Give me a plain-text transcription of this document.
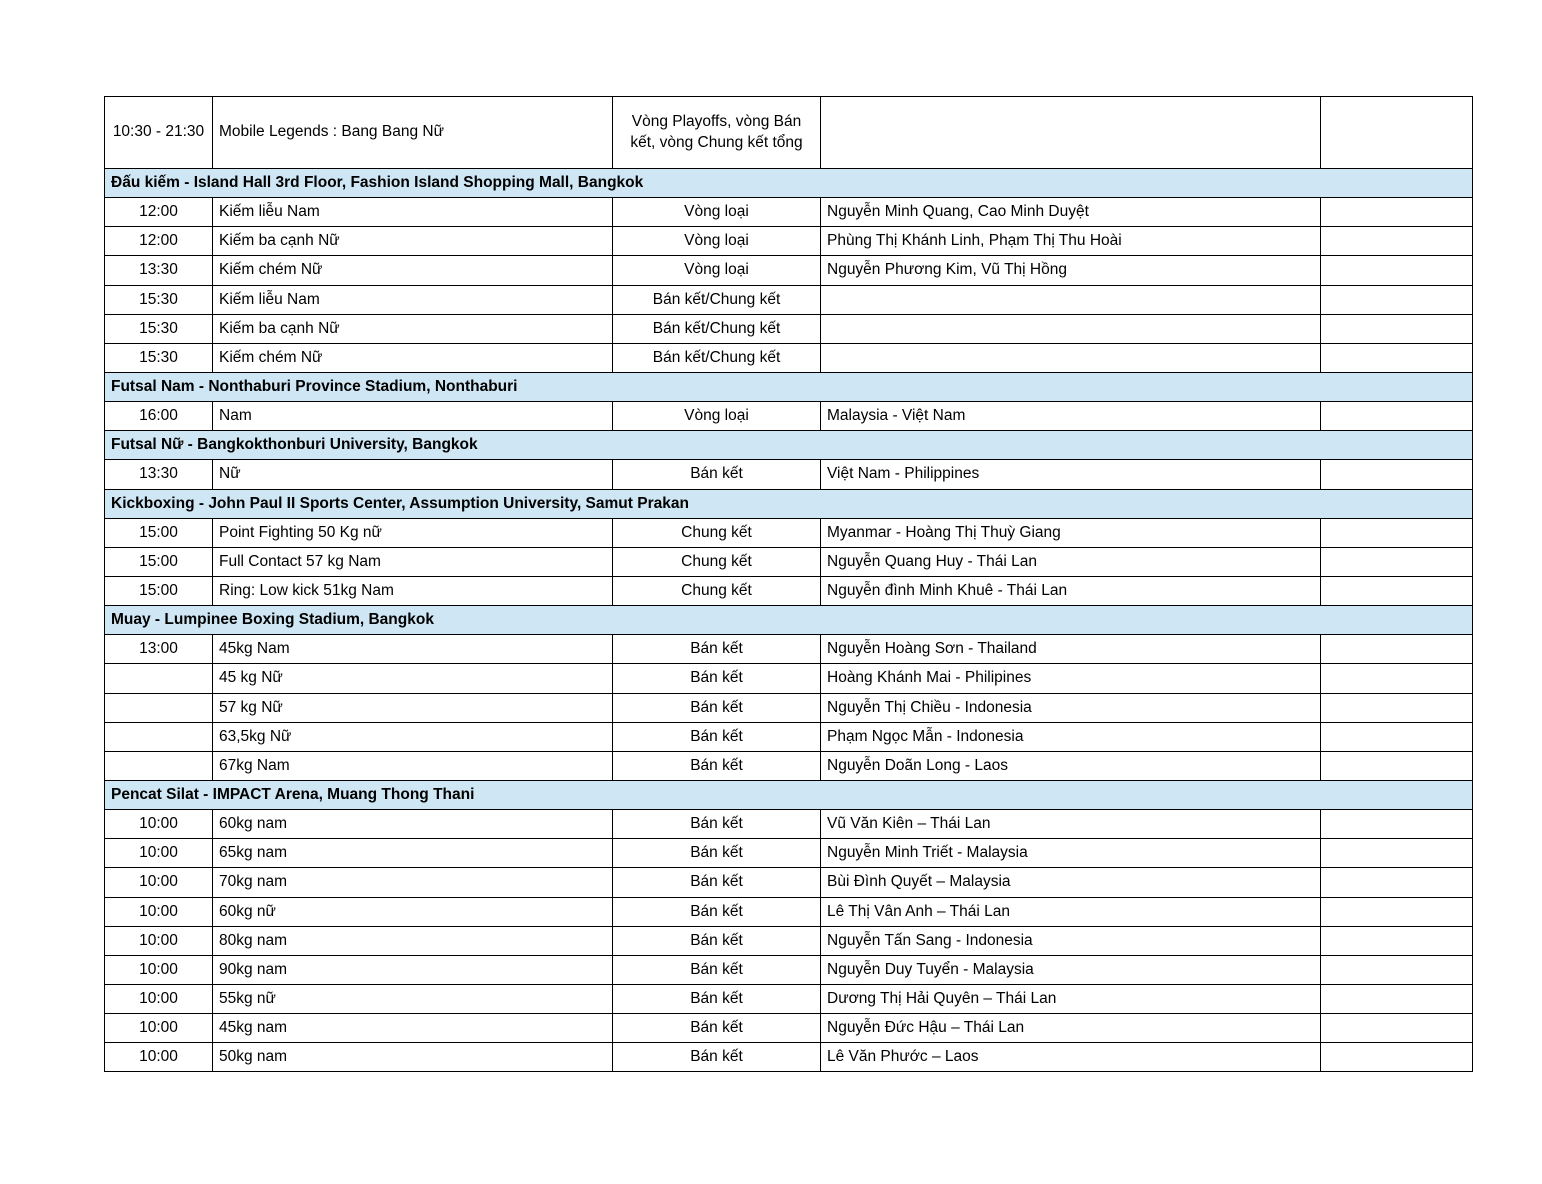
10:30 - 21:30	Mobile Legends : Bang Bang Nữ	Vòng Playoffs, vòng Bán kết, vòng Chung kết tổng		
Đấu kiếm - Island Hall 3rd Floor, Fashion Island Shopping Mall, Bangkok				
12:00	Kiếm liễu Nam	Vòng loại	Nguyễn Minh Quang, Cao Minh Duyệt	
12:00	Kiếm ba cạnh Nữ	Vòng loại	Phùng Thị Khánh Linh, Phạm Thị Thu Hoài	
13:30	Kiếm chém Nữ	Vòng loại	Nguyễn Phương Kim, Vũ Thị Hồng	
15:30	Kiếm liễu Nam	Bán kết/Chung kết		
15:30	Kiếm ba cạnh Nữ	Bán kết/Chung kết		
15:30	Kiếm chém Nữ	Bán kết/Chung kết		
Futsal Nam - Nonthaburi Province Stadium, Nonthaburi				
16:00	Nam	Vòng loại	Malaysia - Việt Nam	
Futsal Nữ - Bangkokthonburi University, Bangkok				
13:30	Nữ	Bán kết	Việt Nam - Philippines	
Kickboxing - John Paul II Sports Center, Assumption University, Samut Prakan				
15:00	Point Fighting 50 Kg nữ	Chung kết	Myanmar - Hoàng Thị Thuỳ Giang	
15:00	Full Contact 57 kg Nam	Chung kết	Nguyễn Quang Huy - Thái Lan	
15:00	Ring: Low kick 51kg Nam	Chung kết	Nguyễn đình Minh Khuê - Thái Lan	
Muay - Lumpinee Boxing Stadium, Bangkok				
13:00	45kg Nam	Bán kết	Nguyễn Hoàng Sơn - Thailand	
	45 kg Nữ	Bán kết	Hoàng Khánh Mai - Philipines	
	57 kg Nữ	Bán kết	Nguyễn Thị Chiều - Indonesia	
	63,5kg Nữ	Bán kết	Phạm Ngọc Mẫn - Indonesia	
	67kg Nam	Bán kết	Nguyễn Doãn Long - Laos	
Pencat Silat - IMPACT Arena, Muang Thong Thani				
10:00	60kg nam	Bán kết	Vũ Văn Kiên – Thái Lan	
10:00	65kg nam	Bán kết	Nguyễn Minh Triết - Malaysia	
10:00	70kg nam	Bán kết	Bùi Đình Quyết – Malaysia	
10:00	60kg nữ	Bán kết	Lê Thị Vân Anh – Thái Lan	
10:00	80kg nam	Bán kết	Nguyễn Tấn Sang - Indonesia	
10:00	90kg nam	Bán kết	Nguyễn Duy Tuyển - Malaysia	
10:00	55kg nữ	Bán kết	Dương Thị Hải Quyên – Thái Lan	
10:00	45kg nam	Bán kết	Nguyễn Đức Hậu – Thái Lan	
10:00	50kg nam	Bán kết	Lê Văn Phước – Laos	
